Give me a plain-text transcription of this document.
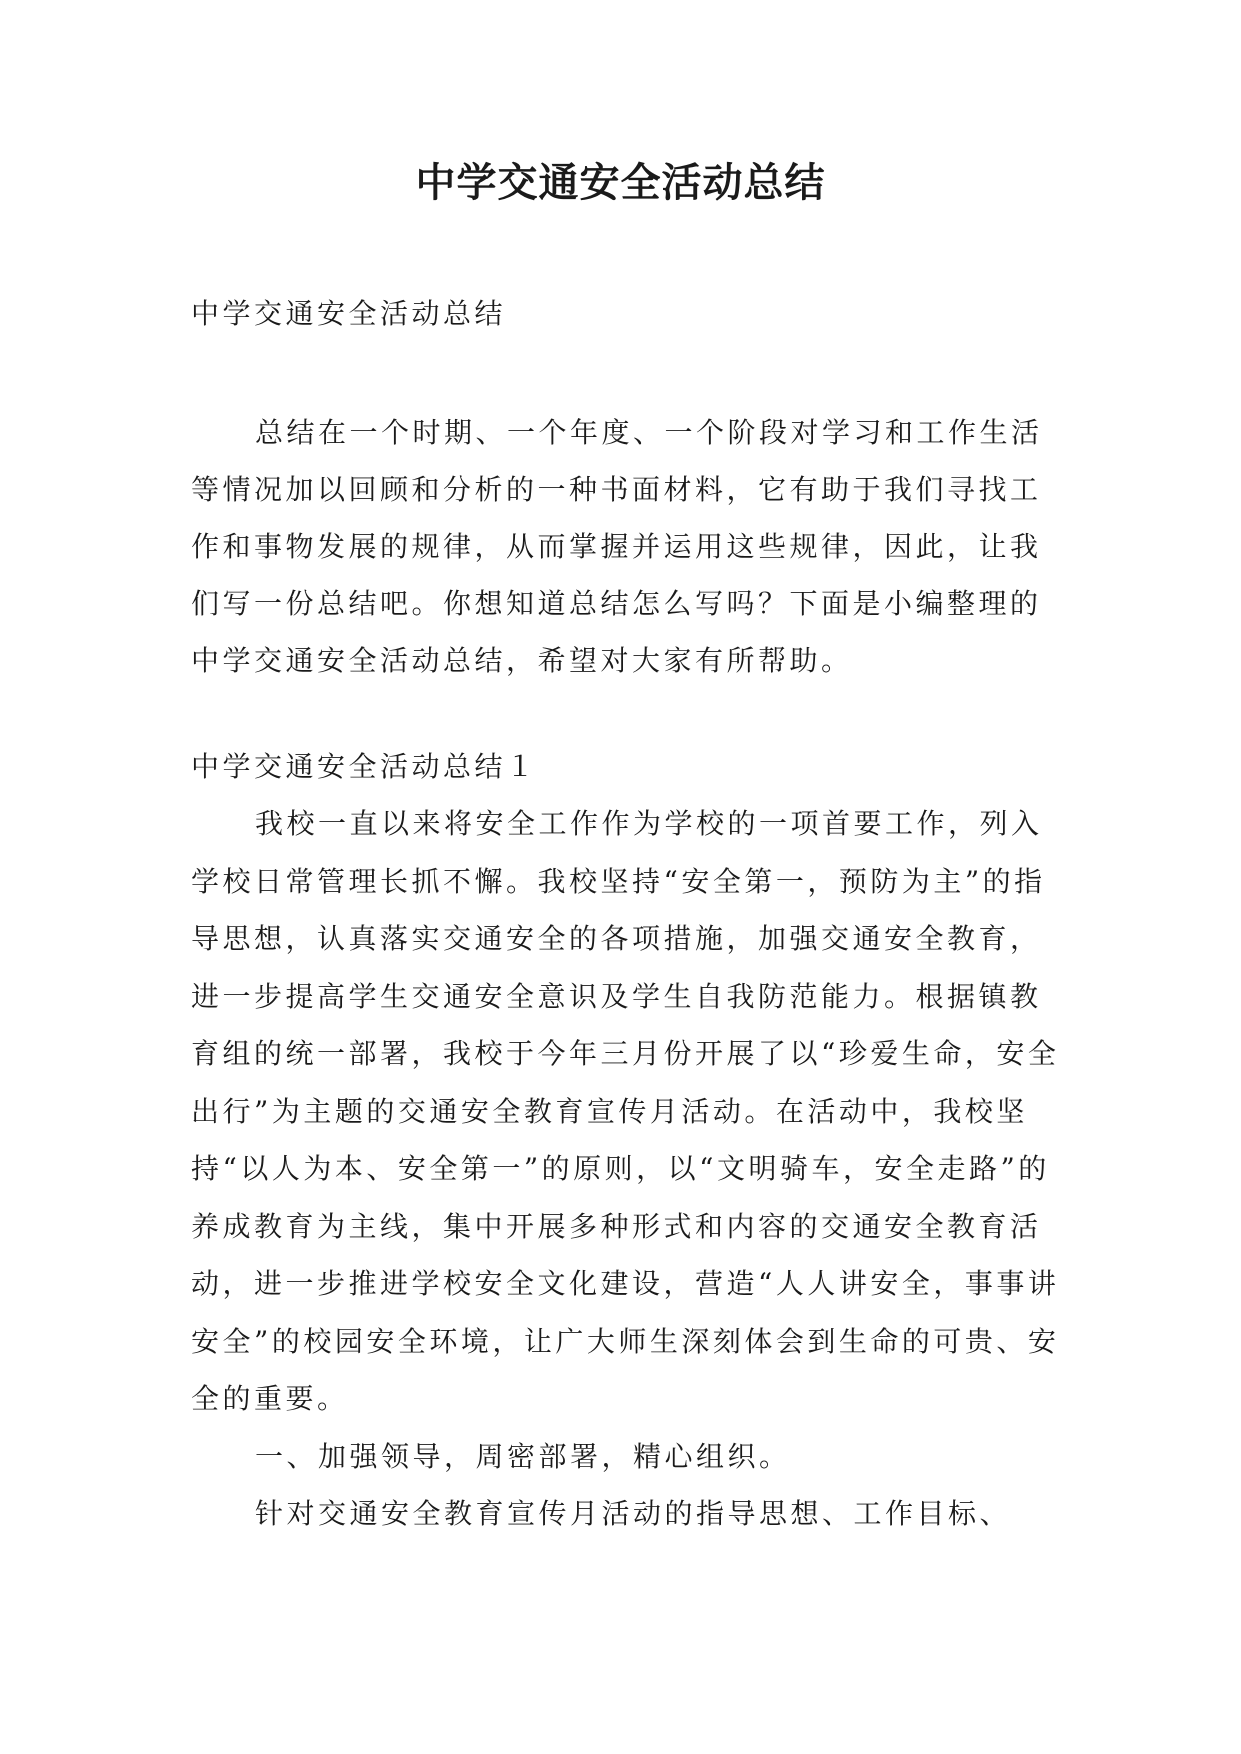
中学交通安全活动总结
中学交通安全活动总结
总结在一个时期、一个年度、一个阶段对学习和工作生活等情况加以回顾和分析的一种书面材料，它有助于我们寻找工作和事物发展的规律，从而掌握并运用这些规律，因此，让我们写一份总结吧。你想知道总结怎么写吗？下面是小编整理的中学交通安全活动总结，希望对大家有所帮助。
中学交通安全活动总结１

我校一直以来将安全工作作为学校的一项首要工作，列入学校日常管理长抓不懈。我校坚持“安全第一，预防为主”的指导思想，认真落实交通安全的各项措施，加强交通安全教育，进一步提高学生交通安全意识及学生自我防范能力。根据镇教育组的统一部署，我校于今年三月份开展了以“珍爱生命，安全出行”为主题的交通安全教育宣传月活动。在活动中，我校坚持“以人为本、安全第一”的原则，以“文明骑车，安全走路”的养成教育为主线，集中开展多种形式和内容的交通安全教育活动，进一步推进学校安全文化建设，营造“人人讲安全，事事讲安全”的校园安全环境，让广大师生深刻体会到生命的可贵、安全的重要。

一、加强领导，周密部署，精心组织。

针对交通安全教育宣传月活动的指导思想、工作目标、
